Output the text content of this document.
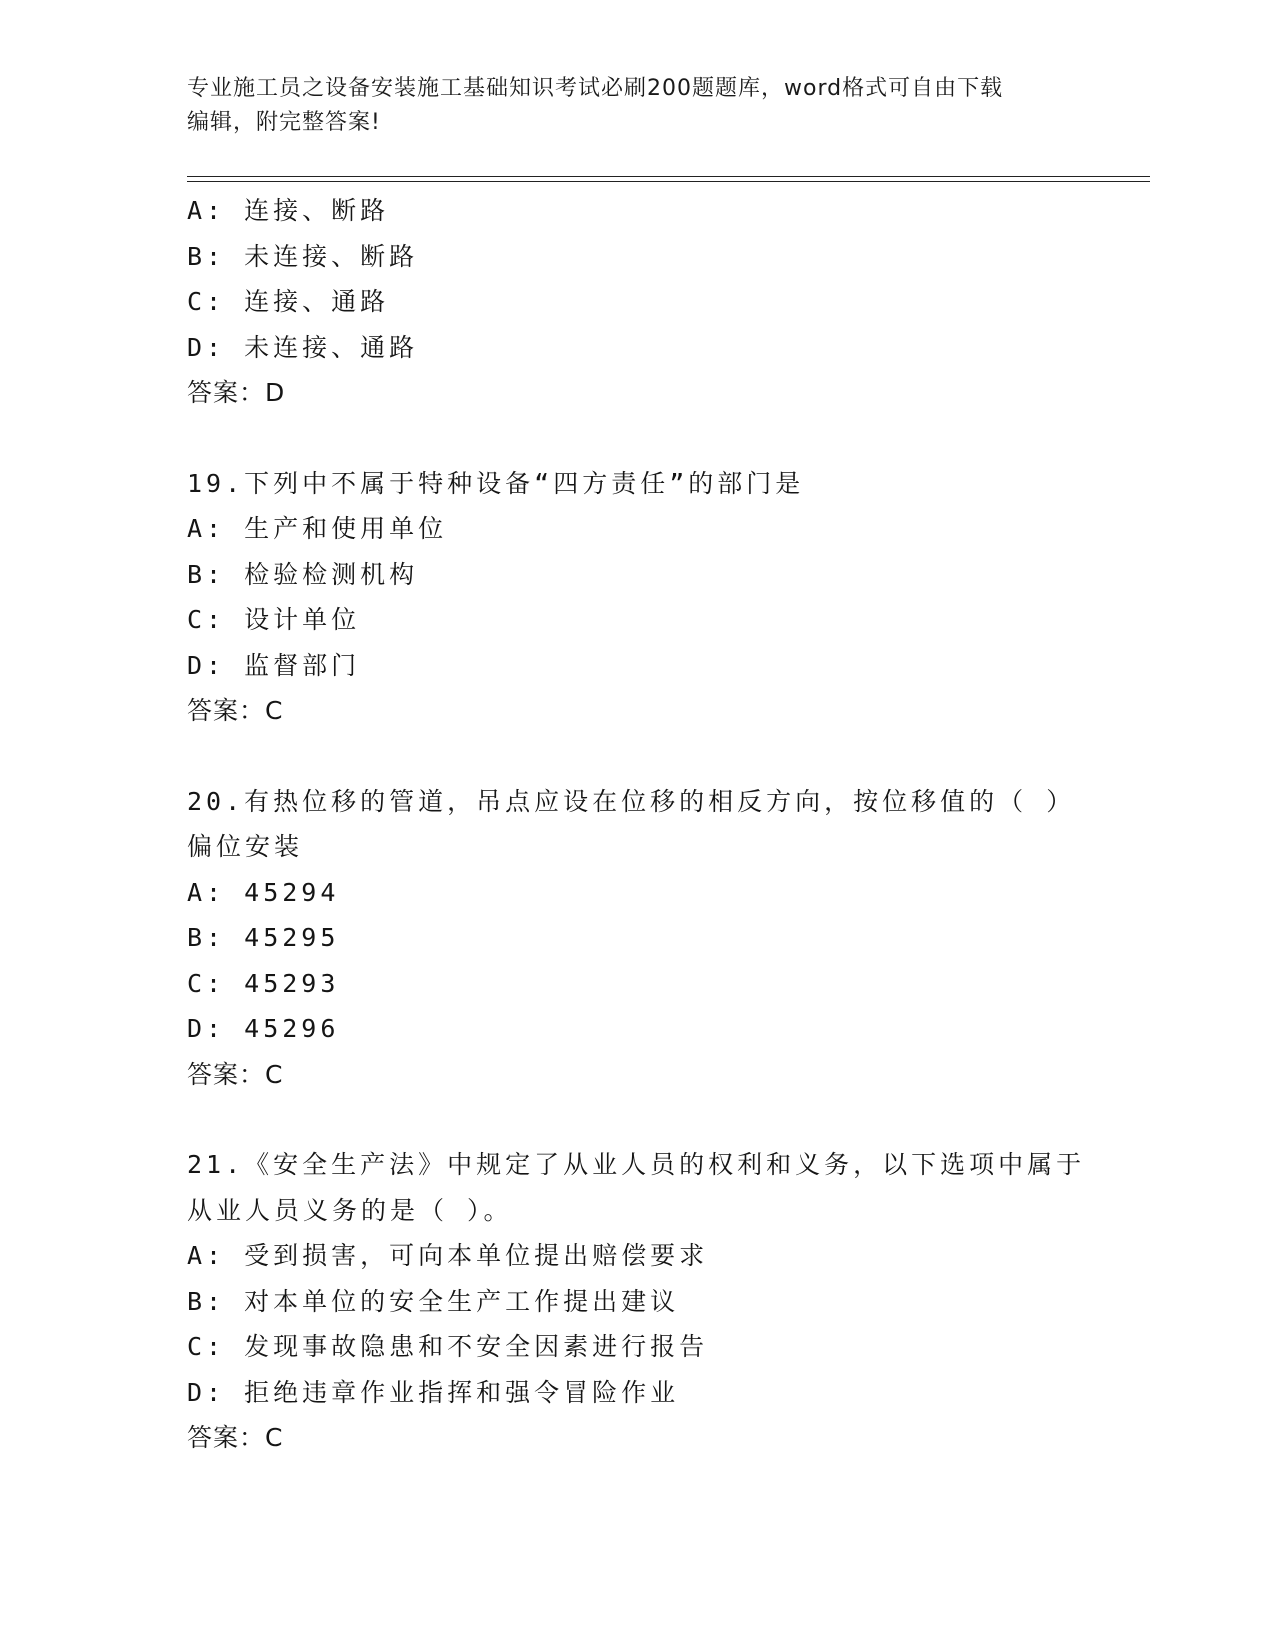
专业施工员之设备安装施工基础知识考试必刷200题题库，word格式可自由下载
编辑，附完整答案!
A: 连接、断路
B: 未连接、断路
C: 连接、通路
D: 未连接、通路
答案：D
19.下列中不属于特种设备“四方责任”的部门是
A: 生产和使用单位
B: 检验检测机构
C: 设计单位
D: 监督部门
答案：C
20.有热位移的管道，吊点应设在位移的相反方向，按位移值的（ ）
偏位安装
A: 45294
B: 45295
C: 45293
D: 45296
答案：C
21.《安全生产法》中规定了从业人员的权利和义务，以下选项中属于
从业人员义务的是（ ）。
A: 受到损害，可向本单位提出赔偿要求
B: 对本单位的安全生产工作提出建议
C: 发现事故隐患和不安全因素进行报告
D: 拒绝违章作业指挥和强令冒险作业
答案：C
